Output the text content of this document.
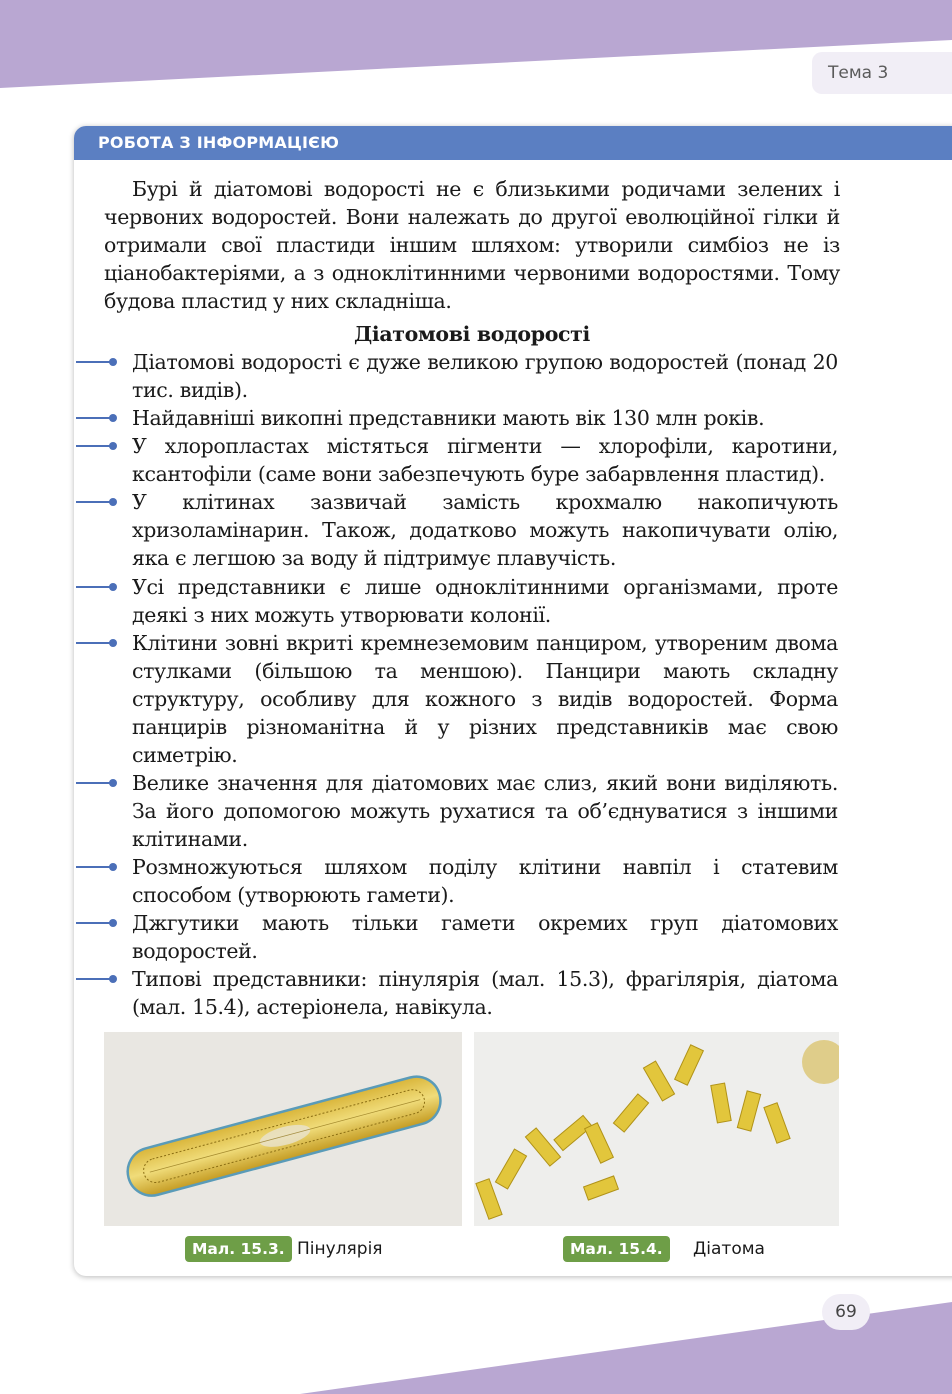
Тема 3
РОБОТА З ІНФОРМАЦІЄЮ

Бурі й діатомові водорості не є близькими родичами зелених і червоних водоростей. Вони належать до другої еволюційної гілки й отримали свої пластиди іншим шляхом: утворили симбіоз не із ціанобактеріями, а з одноклітинними червоними водоростями. Тому будова пластид у них складніша.

Діатомові водорості
Діатомові водорості є дуже великою групою водоростей (понад 20 тис. видів).
Найдавніші викопні представники мають вік 130 млн років.
У хлоропластах містяться пігменти — хлорофіли, каротини, ксантофіли (саме вони забезпечують буре забарвлення пластид).
У клітинах зазвичай замість крохмалю накопичують хризоламінарин. Також, додатково можуть накопичувати олію, яка є легшою за воду й підтримує плавучість.
Усі представники є лише одноклітинними організмами, проте деякі з них можуть утворювати колонії.
Клітини зовні вкриті кремнеземовим панциром, утвореним двома стулками (більшою та меншою). Панцири мають складну структуру, особливу для кожного з видів водоростей. Форма панцирів різноманітна й у різних представників має свою симетрію.
Велике значення для діатомових має слиз, який вони виділяють. За його допомогою можуть рухатися та об’єднуватися з іншими клітинами.
Розмножуються шляхом поділу клітини навпіл і статевим способом (утворюють гамети).
Джгутики мають тільки гамети окремих груп діатомових водоростей.
Типові представники: пінулярія (мал. 15.3), фрагілярія, діатома (мал. 15.4), астеріонела, навікула.
Мал. 15.3. Пінулярія	Мал. 15.4.	Діатома
69
